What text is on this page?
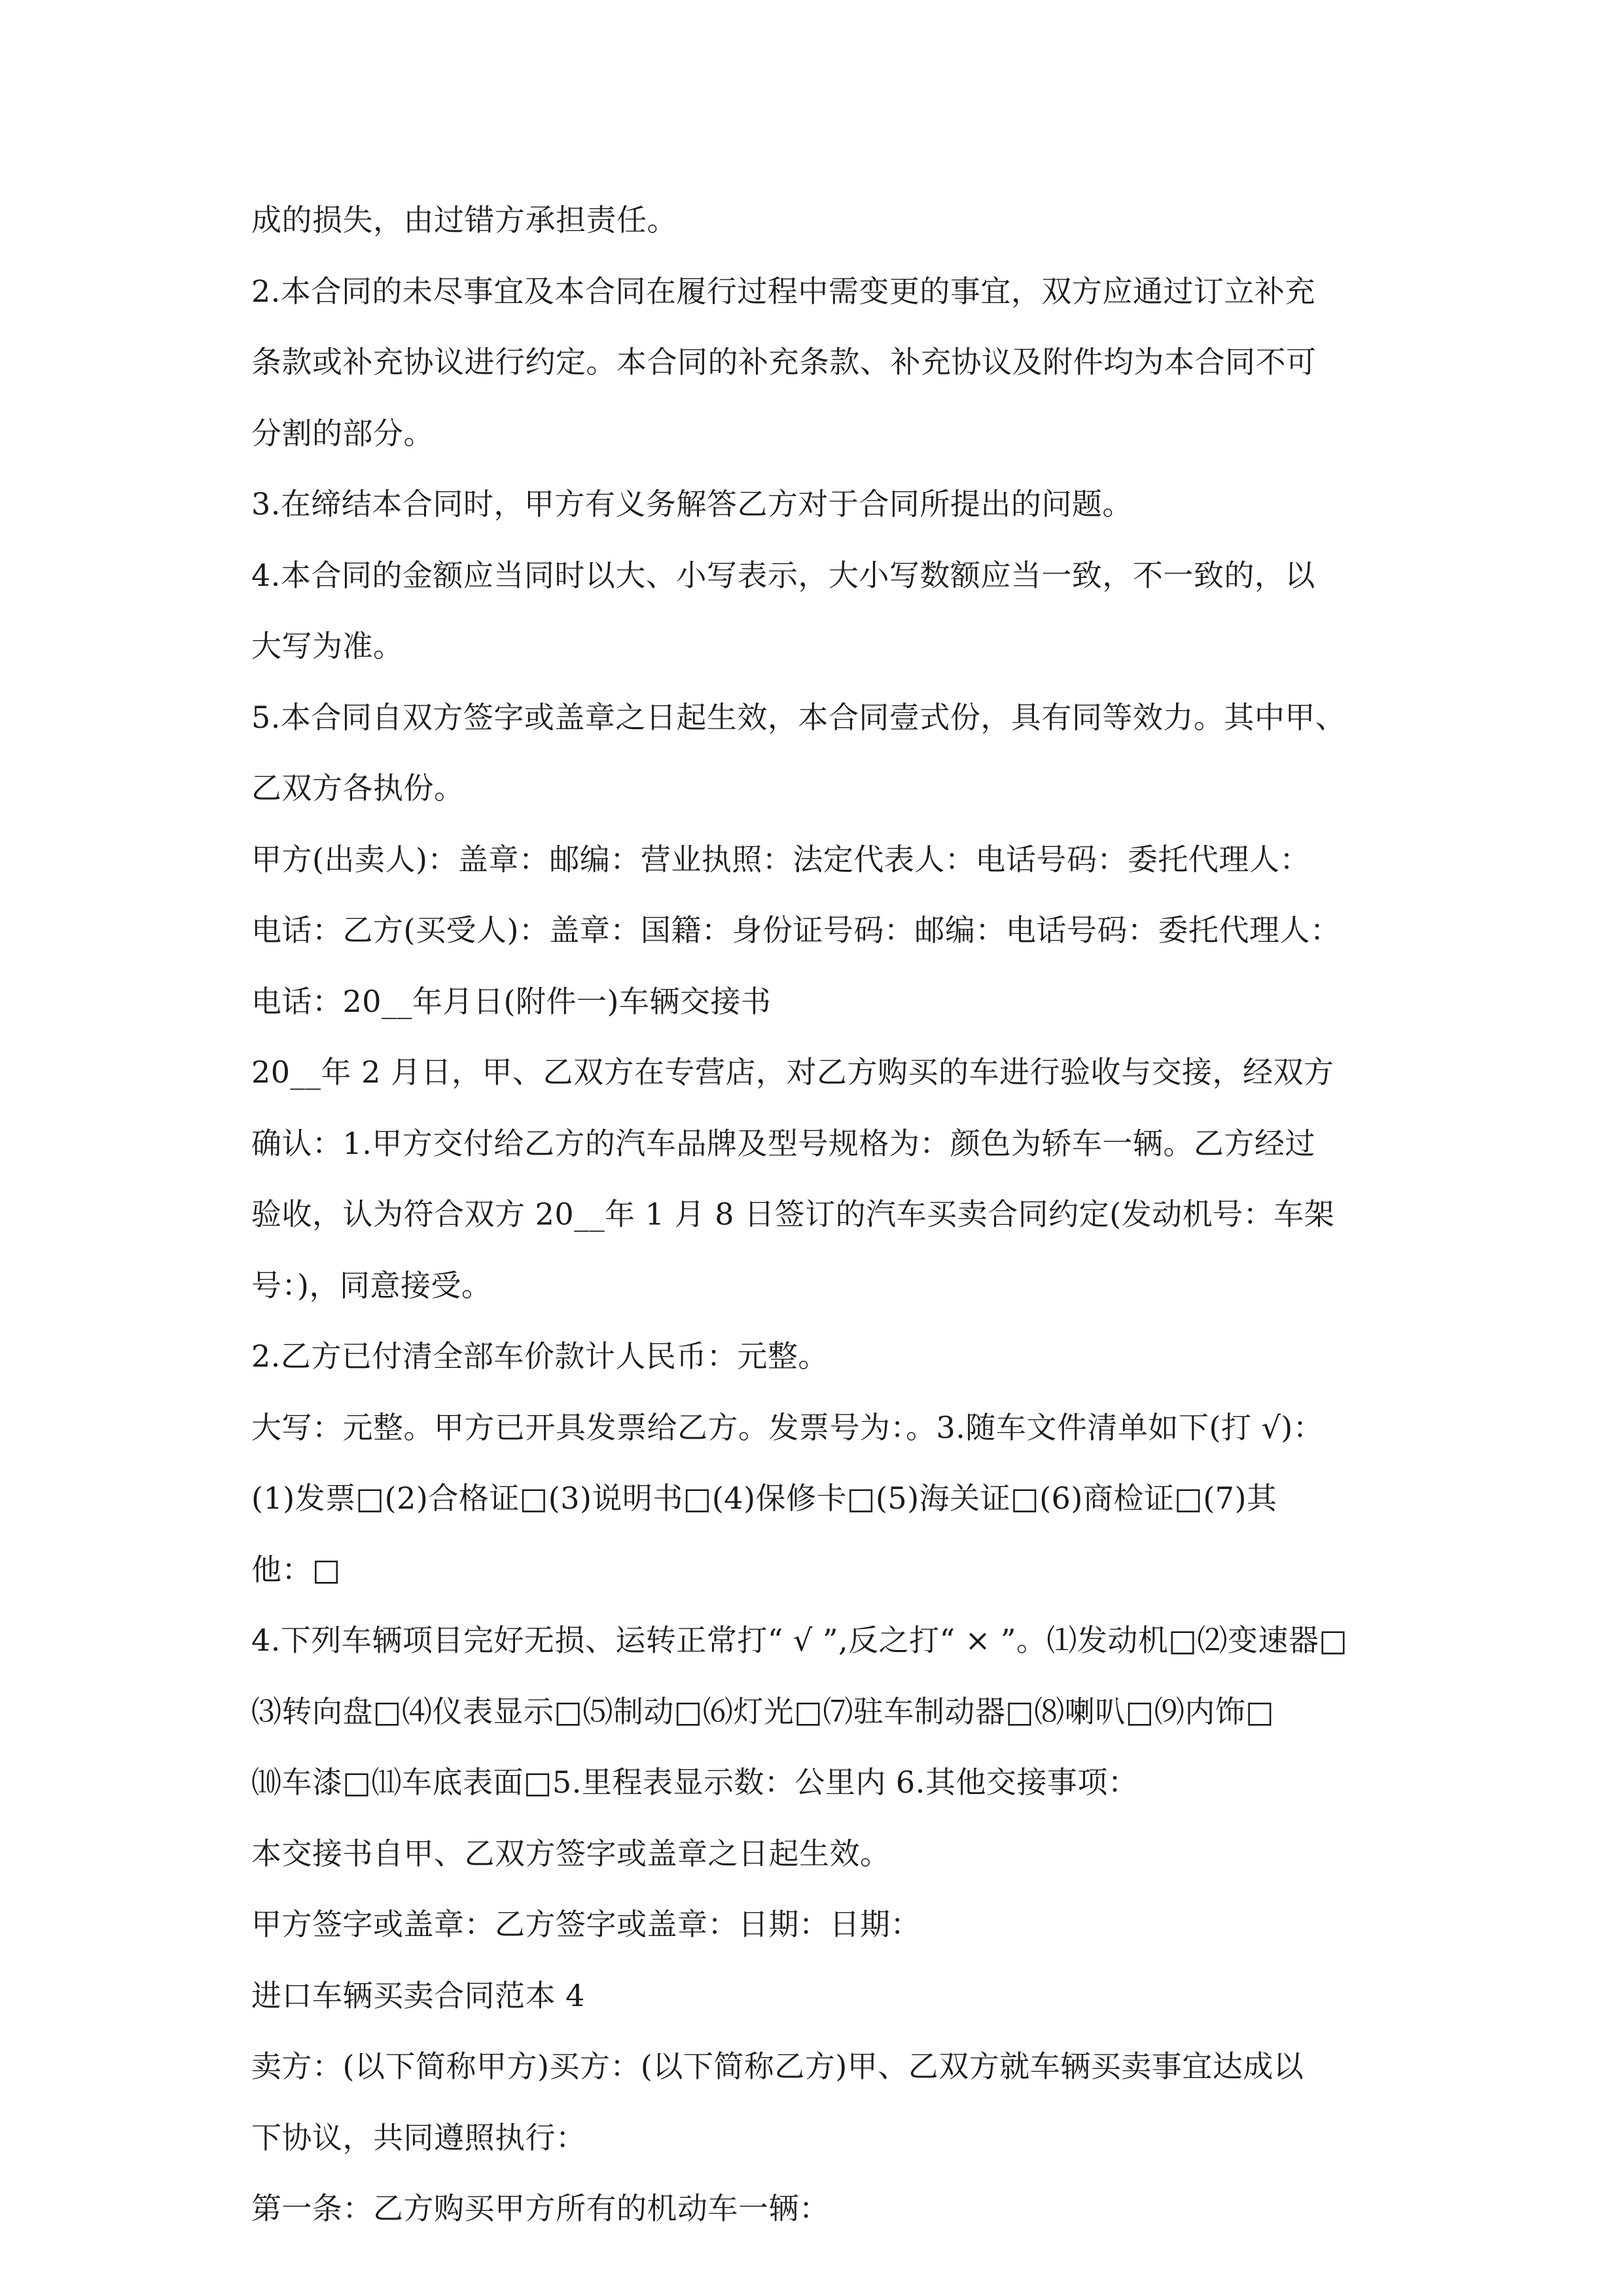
成的损失，由过错方承担责任。
2.本合同的未尽事宜及本合同在履行过程中需变更的事宜，双方应通过订立补充
条款或补充协议进行约定。本合同的补充条款、补充协议及附件均为本合同不可
分割的部分。
3.在缔结本合同时，甲方有义务解答乙方对于合同所提出的问题。
4.本合同的金额应当同时以大、小写表示，大小写数额应当一致，不一致的，以
大写为准。
5.本合同自双方签字或盖章之日起生效，本合同壹式份，具有同等效力。其中甲、
乙双方各执份。
甲方(出卖人)：盖章：邮编：营业执照：法定代表人：电话号码：委托代理人：
电话：乙方(买受人)：盖章：国籍：身份证号码：邮编：电话号码：委托代理人：
电话：20__年月日(附件一)车辆交接书
20__年 2 月日，甲、乙双方在专营店，对乙方购买的车进行验收与交接，经双方
确认：1.甲方交付给乙方的汽车品牌及型号规格为：颜色为轿车一辆。乙方经过
验收，认为符合双方 20__年 1 月 8 日签订的汽车买卖合同约定(发动机号：车架
号：)，同意接受。
2.乙方已付清全部车价款计人民币：元整。
大写：元整。甲方已开具发票给乙方。发票号为：。3.随车文件清单如下(打 √)：
(1)发票□(2)合格证□(3)说明书□(4)保修卡□(5)海关证□(6)商检证□(7)其
他：□
4.下列车辆项目完好无损、运转正常打“ √ ”,反之打“ × ”。⑴发动机□⑵变速器□
⑶转向盘□⑷仪表显示□⑸制动□⑹灯光□⑺驻车制动器□⑻喇叭□⑼内饰□
⑽车漆□⑾车底表面□5.里程表显示数：公里内 6.其他交接事项：
本交接书自甲、乙双方签字或盖章之日起生效。
甲方签字或盖章：乙方签字或盖章：日期：日期：
进口车辆买卖合同范本 4
卖方：(以下简称甲方)买方：(以下简称乙方)甲、乙双方就车辆买卖事宜达成以
下协议，共同遵照执行：
第一条：乙方购买甲方所有的机动车一辆：
